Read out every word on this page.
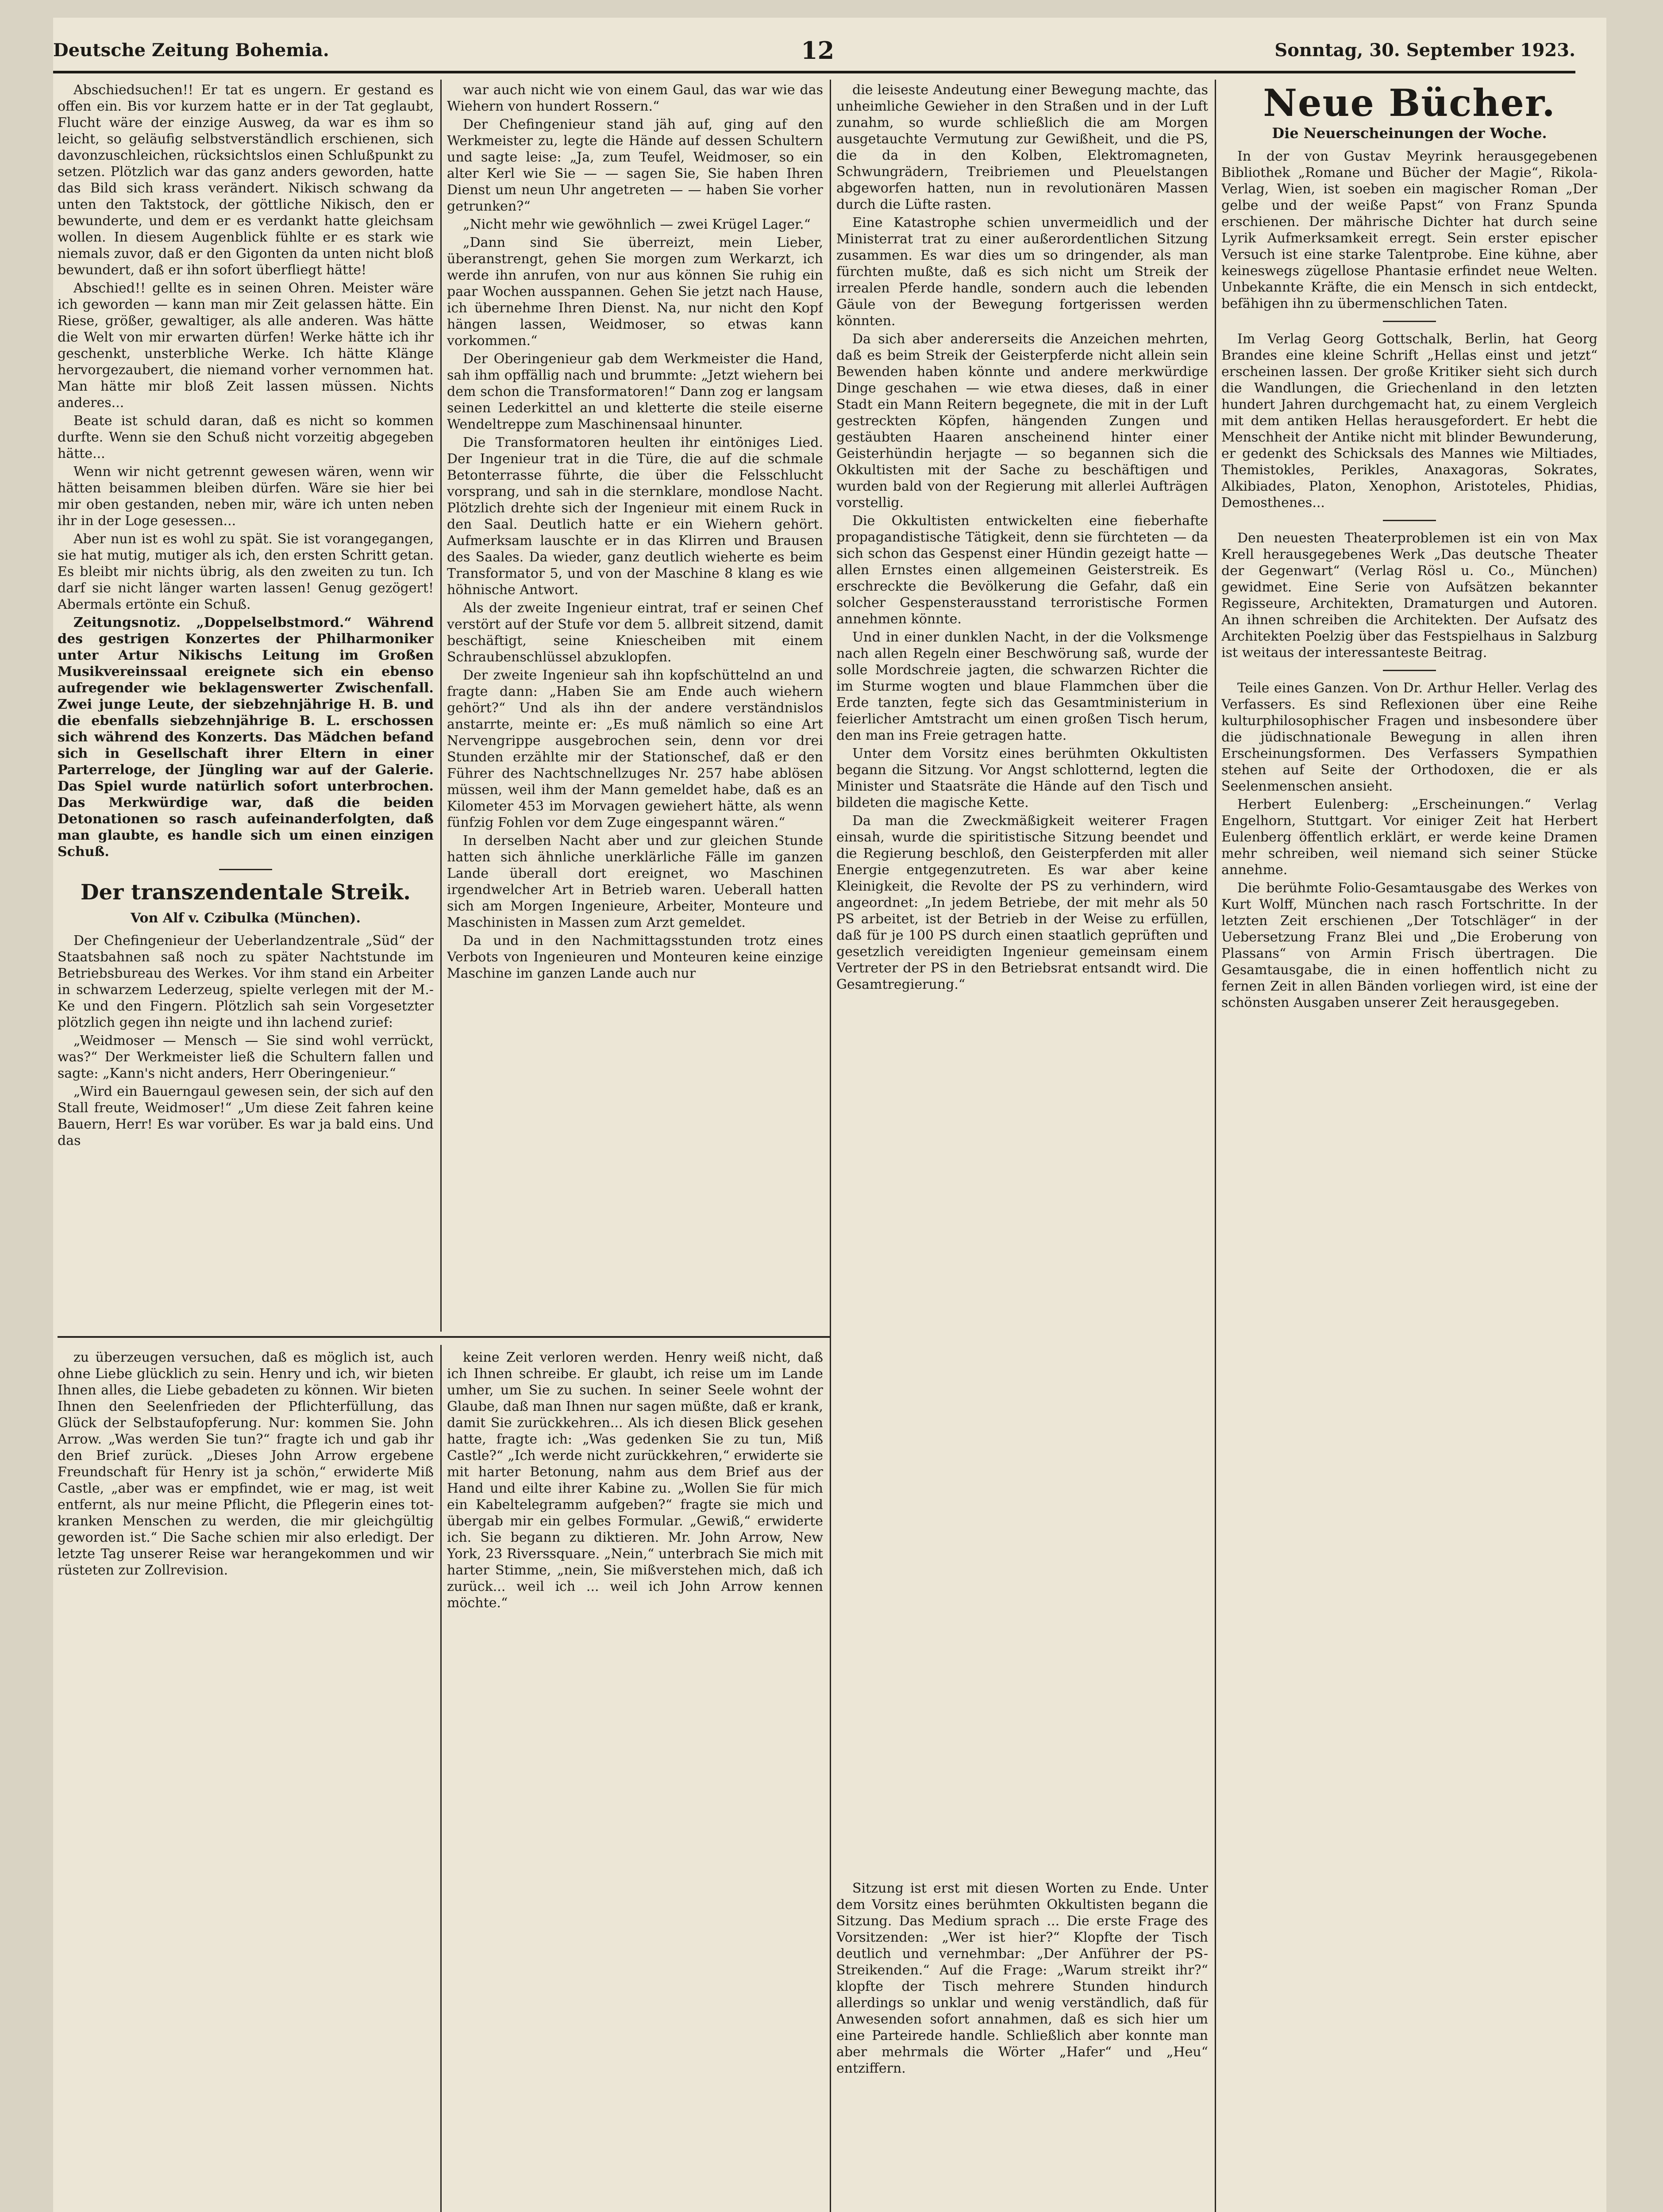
Deutsche Zeitung Bohemia.	12	Sonntag, 30. September 1923.

Abschiedsuchen!! Er tat es ungern. Er gestand es offen ein. Bis vor kurzem hatte er in der Tat geglaubt, Flucht wäre der einzige Ausweg, da war es ihm so leicht, so geläufig selbstverständlich erschienen, sich davonzuschleichen, rücksichtslos einen Schlußpunkt zu setzen. Plötzlich war das ganz anders geworden, hatte das Bild sich krass verändert. Nikisch schwang da unten den Taktstock, der göttliche Nikisch, den er bewunderte, und dem er es verdankt hatte gleichsam wollen. In diesem Augenblick fühlte er es stark wie niemals zuvor, daß er den Gigonten da unten nicht bloß bewundert, daß er ihn sofort überfliegt hätte!

Abschied!! gellte es in seinen Ohren. Meister wäre ich geworden — kann man mir Zeit gelassen hätte. Ein Riese, größer, gewaltiger, als alle anderen. Was hätte die Welt von mir erwarten dürfen! Werke hätte ich ihr geschenkt, unsterbliche Werke. Ich hätte Klänge hervorgezaubert, die niemand vorher vernommen hat. Man hätte mir bloß Zeit lassen müssen. Nichts anderes...

Beate ist schuld daran, daß es nicht so kommen durfte. Wenn sie den Schuß nicht vorzeitig abgegeben hätte...

Wenn wir nicht getrennt gewesen wären, wenn wir hätten beisammen bleiben dürfen. Wäre sie hier bei mir oben gestanden, neben mir, wäre ich unten neben ihr in der Loge gesessen...

Aber nun ist es wohl zu spät. Sie ist vorangegangen, sie hat mutig, mutiger als ich, den ersten Schritt getan. Es bleibt mir nichts übrig, als den zweiten zu tun. Ich darf sie nicht länger warten lassen! Genug gezögert! Abermals ertönte ein Schuß.

Zeitungsnotiz. „Doppelselbstmord.“ Während des gestrigen Konzertes der Philharmoniker unter Artur Nikischs Leitung im Großen Musikvereinssaal ereignete sich ein ebenso aufregender wie beklagenswerter Zwischenfall. Zwei junge Leute, der siebzehnjährige H. B. und die ebenfalls siebzehnjährige B. L. erschossen sich während des Konzerts. Das Mädchen befand sich in Gesellschaft ihrer Eltern in einer Parterreloge, der Jüngling war auf der Galerie. Das Spiel wurde natürlich sofort unterbrochen. Das Merkwürdige war, daß die beiden Detonationen so rasch aufeinanderfolgten, daß man glaubte, es handle sich um einen einzigen Schuß.

Der transzendentale Streik.
Von Alf v. Czibulka (München).

Der Chefingenieur der Ueberlandzentrale „Süd“ der Staatsbahnen saß noch zu später Nachtstunde im Betriebsbureau des Werkes. Vor ihm stand ein Arbeiter in schwarzem Lederzeug, spielte verlegen mit der M.-Ke und den Fingern. Plötzlich sah sein Vorgesetzter plötzlich gegen ihn neigte und ihn lachend zurief:

„Weidmoser — Mensch — Sie sind wohl verrückt, was?“ Der Werkmeister ließ die Schultern fallen und sagte: „Kann's nicht anders, Herr Oberingenieur.“

„Wird ein Bauerngaul gewesen sein, der sich auf den Stall freute, Weidmoser!“ „Um diese Zeit fahren keine Bauern, Herr! Es war vorüber. Es war ja bald eins. Und das

war auch nicht wie von einem Gaul, das war wie das Wiehern von hundert Rossern.“

Der Chefingenieur stand jäh auf, ging auf den Werkmeister zu, legte die Hände auf dessen Schultern und sagte leise: „Ja, zum Teufel, Weidmoser, so ein alter Kerl wie Sie — — sagen Sie, Sie haben Ihren Dienst um neun Uhr angetreten — — haben Sie vorher getrunken?“

„Nicht mehr wie gewöhnlich — zwei Krügel Lager.“

„Dann sind Sie überreizt, mein Lieber, überanstrengt, gehen Sie morgen zum Werkarzt, ich werde ihn anrufen, von nur aus können Sie ruhig ein paar Wochen ausspannen. Gehen Sie jetzt nach Hause, ich übernehme Ihren Dienst. Na, nur nicht den Kopf hängen lassen, Weidmoser, so etwas kann vorkommen.“

Der Oberingenieur gab dem Werkmeister die Hand, sah ihm opffällig nach und brummte: „Jetzt wiehern bei dem schon die Transformatoren!“ Dann zog er langsam seinen Lederkittel an und kletterte die steile eiserne Wendeltreppe zum Maschinensaal hinunter.

Die Transformatoren heulten ihr eintöniges Lied. Der Ingenieur trat in die Türe, die auf die schmale Betonterrasse führte, die über die Felsschlucht vorsprang, und sah in die sternklare, mondlose Nacht. Plötzlich drehte sich der Ingenieur mit einem Ruck in den Saal. Deutlich hatte er ein Wiehern gehört. Aufmerksam lauschte er in das Klirren und Brausen des Saales. Da wieder, ganz deutlich wieherte es beim Transformator 5, und von der Maschine 8 klang es wie höhnische Antwort.

Als der zweite Ingenieur eintrat, traf er seinen Chef verstört auf der Stufe vor dem 5. allbreit sitzend, damit beschäftigt, seine Kniescheiben mit einem Schraubenschlüssel abzuklopfen.

Der zweite Ingenieur sah ihn kopfschüttelnd an und fragte dann: „Haben Sie am Ende auch wiehern gehört?“ Und als ihn der andere verständnislos anstarrte, meinte er: „Es muß nämlich so eine Art Nervengrippe ausgebrochen sein, denn vor drei Stunden erzählte mir der Stationschef, daß er den Führer des Nachtschnellzuges Nr. 257 habe ablösen müssen, weil ihm der Mann gemeldet habe, daß es an Kilometer 453 im Morvagen gewiehert hätte, als wenn fünfzig Fohlen vor dem Zuge eingespannt wären.“

In derselben Nacht aber und zur gleichen Stunde hatten sich ähnliche unerklärliche Fälle im ganzen Lande überall dort ereignet, wo Maschinen irgendwelcher Art in Betrieb waren. Ueberall hatten sich am Morgen Ingenieure, Arbeiter, Monteure und Maschinisten in Massen zum Arzt gemeldet.

Da und in den Nachmittagsstunden trotz eines Verbots von Ingenieuren und Monteuren keine einzige Maschine im ganzen Lande auch nur

die leiseste Andeutung einer Bewegung machte, das unheimliche Gewieher in den Straßen und in der Luft zunahm, so wurde schließlich die am Morgen ausgetauchte Vermutung zur Gewißheit, und die PS, die da in den Kolben, Elektromagneten, Schwungrädern, Treibriemen und Pleuelstangen abgeworfen hatten, nun in revolutionären Massen durch die Lüfte rasten.

Eine Katastrophe schien unvermeidlich und der Ministerrat trat zu einer außerordentlichen Sitzung zusammen. Es war dies um so dringender, als man fürchten mußte, daß es sich nicht um Streik der irrealen Pferde handle, sondern auch die lebenden Gäule von der Bewegung fortgerissen werden könnten.

Da sich aber andererseits die Anzeichen mehrten, daß es beim Streik der Geisterpferde nicht allein sein Bewenden haben könnte und andere merkwürdige Dinge geschahen — wie etwa dieses, daß in einer Stadt ein Mann Reitern begegnete, die mit in der Luft gestreckten Köpfen, hängenden Zungen und gestäubten Haaren anscheinend hinter einer Geisterhündin herjagte — so begannen sich die Okkultisten mit der Sache zu beschäftigen und wurden bald von der Regierung mit allerlei Aufträgen vorstellig.

Die Okkultisten entwickelten eine fieberhafte propagandistische Tätigkeit, denn sie fürchteten — da sich schon das Gespenst einer Hündin gezeigt hatte — allen Ernstes einen allgemeinen Geisterstreik. Es erschreckte die Bevölkerung die Gefahr, daß ein solcher Gespensterausstand terroristische Formen annehmen könnte.

Und in einer dunklen Nacht, in der die Volksmenge nach allen Regeln einer Beschwörung saß, wurde der solle Mordschreie jagten, die schwarzen Richter die im Sturme wogten und blaue Flammchen über die Erde tanzten, fegte sich das Gesamtministerium in feierlicher Amtstracht um einen großen Tisch herum, den man ins Freie getragen hatte.

Unter dem Vorsitz eines berühmten Okkultisten begann die Sitzung. Vor Angst schlotternd, legten die Minister und Staatsräte die Hände auf den Tisch und bildeten die magische Kette.

Da man die Zweckmäßigkeit weiterer Fragen einsah, wurde die spiritistische Sitzung beendet und die Regierung beschloß, den Geisterpferden mit aller Energie entgegenzutreten. Es war aber keine Kleinigkeit, die Revolte der PS zu verhindern, wird angeordnet: „In jedem Betriebe, der mit mehr als 50 PS arbeitet, ist der Betrieb in der Weise zu erfüllen, daß für je 100 PS durch einen staatlich geprüften und gesetzlich vereidigten Ingenieur gemeinsam einem Vertreter der PS in den Betriebsrat entsandt wird. Die Gesamtregierung.“

Neue Bücher.
Die Neuerscheinungen der Woche.

In der von Gustav Meyrink herausgegebenen Bibliothek „Romane und Bücher der Magie“, Rikola-Verlag, Wien, ist soeben ein magischer Roman „Der gelbe und der weiße Papst“ von Franz Spunda erschienen. Der mährische Dichter hat durch seine Lyrik Aufmerksamkeit erregt. Sein erster epischer Versuch ist eine starke Talentprobe. Eine kühne, aber keineswegs zügellose Phantasie erfindet neue Welten. Unbekannte Kräfte, die ein Mensch in sich entdeckt, befähigen ihn zu übermenschlichen Taten.

Im Verlag Georg Gottschalk, Berlin, hat Georg Brandes eine kleine Schrift „Hellas einst und jetzt“ erscheinen lassen. Der große Kritiker sieht sich durch die Wandlungen, die Griechenland in den letzten hundert Jahren durchgemacht hat, zu einem Vergleich mit dem antiken Hellas herausgefordert. Er hebt die Menschheit der Antike nicht mit blinder Bewunderung, er gedenkt des Schicksals des Mannes wie Miltiades, Themistokles, Perikles, Anaxagoras, Sokrates, Alkibiades, Platon, Xenophon, Aristoteles, Phidias, Demosthenes...

Den neuesten Theaterproblemen ist ein von Max Krell herausgegebenes Werk „Das deutsche Theater der Gegenwart“ (Verlag Rösl u. Co., München) gewidmet. Eine Serie von Aufsätzen bekannter Regisseure, Architekten, Dramaturgen und Autoren. An ihnen schreiben die Architekten. Der Aufsatz des Architekten Poelzig über das Festspielhaus in Salzburg ist weitaus der interessanteste Beitrag.

Teile eines Ganzen. Von Dr. Arthur Heller. Verlag des Verfassers. Es sind Reflexionen über eine Reihe kulturphilosophischer Fragen und insbesondere über die jüdischnationale Bewegung in allen ihren Erscheinungsformen. Des Verfassers Sympathien stehen auf Seite der Orthodoxen, die er als Seelenmenschen ansieht.

Herbert Eulenberg: „Erscheinungen.“ Verlag Engelhorn, Stuttgart. Vor einiger Zeit hat Herbert Eulenberg öffentlich erklärt, er werde keine Dramen mehr schreiben, weil niemand sich seiner Stücke annehme.

Die berühmte Folio-Gesamtausgabe des Werkes von Kurt Wolff, München nach rasch Fortschritte. In der letzten Zeit erschienen „Der Totschläger“ in der Uebersetzung Franz Blei und „Die Eroberung von Plassans“ von Armin Frisch übertragen. Die Gesamtausgabe, die in einen hoffentlich nicht zu fernen Zeit in allen Bänden vorliegen wird, ist eine der schönsten Ausgaben unserer Zeit herausgegeben.

zu überzeugen versuchen, daß es möglich ist, auch ohne Liebe glücklich zu sein. Henry und ich, wir bieten Ihnen alles, die Liebe gebadeten zu können. Wir bieten Ihnen den Seelenfrieden der Pflichterfüllung, das Glück der Selbstaufopferung. Nur: kommen Sie. John Arrow. „Was werden Sie tun?“ fragte ich und gab ihr den Brief zurück. „Dieses John Arrow ergebene Freundschaft für Henry ist ja schön,“ erwiderte Miß Castle, „aber was er empfindet, wie er mag, ist weit entfernt, als nur meine Pflicht, die Pflegerin eines tot-kranken Menschen zu werden, die mir gleichgültig geworden ist.“ Die Sache schien mir also erledigt. Der letzte Tag unserer Reise war herangekommen und wir rüsteten zur Zollrevision.

keine Zeit verloren werden. Henry weiß nicht, daß ich Ihnen schreibe. Er glaubt, ich reise um im Lande umher, um Sie zu suchen. In seiner Seele wohnt der Glaube, daß man Ihnen nur sagen müßte, daß er krank, damit Sie zurückkehren... Als ich diesen Blick gesehen hatte, fragte ich: „Was gedenken Sie zu tun, Miß Castle?“ „Ich werde nicht zurückkehren,“ erwiderte sie mit harter Betonung, nahm aus dem Brief aus der Hand und eilte ihrer Kabine zu. „Wollen Sie für mich ein Kabeltelegramm aufgeben?“ fragte sie mich und übergab mir ein gelbes Formular. „Gewiß,“ erwiderte ich. Sie begann zu diktieren. Mr. John Arrow, New York, 23 Riverssquare. „Nein,“ unterbrach Sie mich mit harter Stimme, „nein, Sie mißverstehen mich, daß ich zurück... weil ich ... weil ich John Arrow kennen möchte.“

Sitzung ist erst mit diesen Worten zu Ende. Unter dem Vorsitz eines berühmten Okkultisten begann die Sitzung. Das Medium sprach ... Die erste Frage des Vorsitzenden: „Wer ist hier?“ Klopfte der Tisch deutlich und vernehmbar: „Der Anführer der PS-Streikenden.“ Auf die Frage: „Warum streikt ihr?“ klopfte der Tisch mehrere Stunden hindurch allerdings so unklar und wenig verständlich, daß für Anwesenden sofort annahmen, daß es sich hier um eine Parteirede handle. Schließlich aber konnte man aber mehrmals die Wörter „Hafer“ und „Heu“ entziffern.
